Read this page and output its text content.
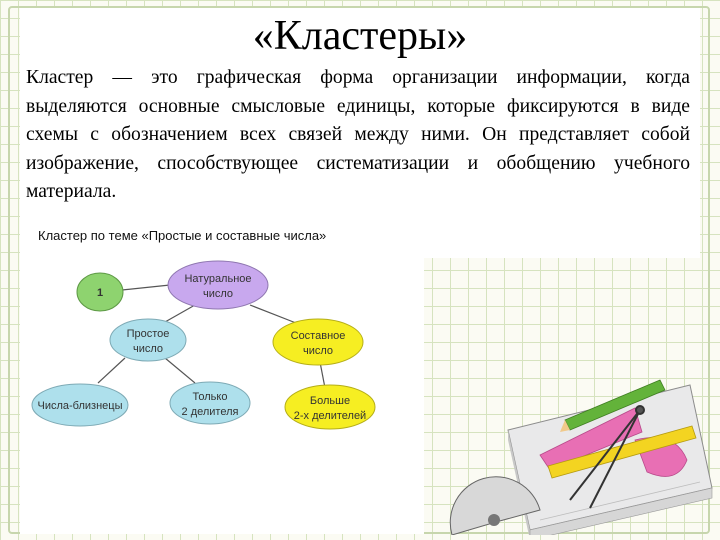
«Кластеры»
Кластер — это графическая форма организации информации, когда выделяются основные смысловые единицы, которые фиксируются в виде схемы с обозначением всех связей между ними. Он представляет собой изображение, способствующее систематизации и обобщению учебного материала.
Кластер по теме «Простые и составные числа»
Натуральное
число
1
Простое
число
Составное
число
Числа-близнецы
Только
2 делителя
Больше
2-х делителей
